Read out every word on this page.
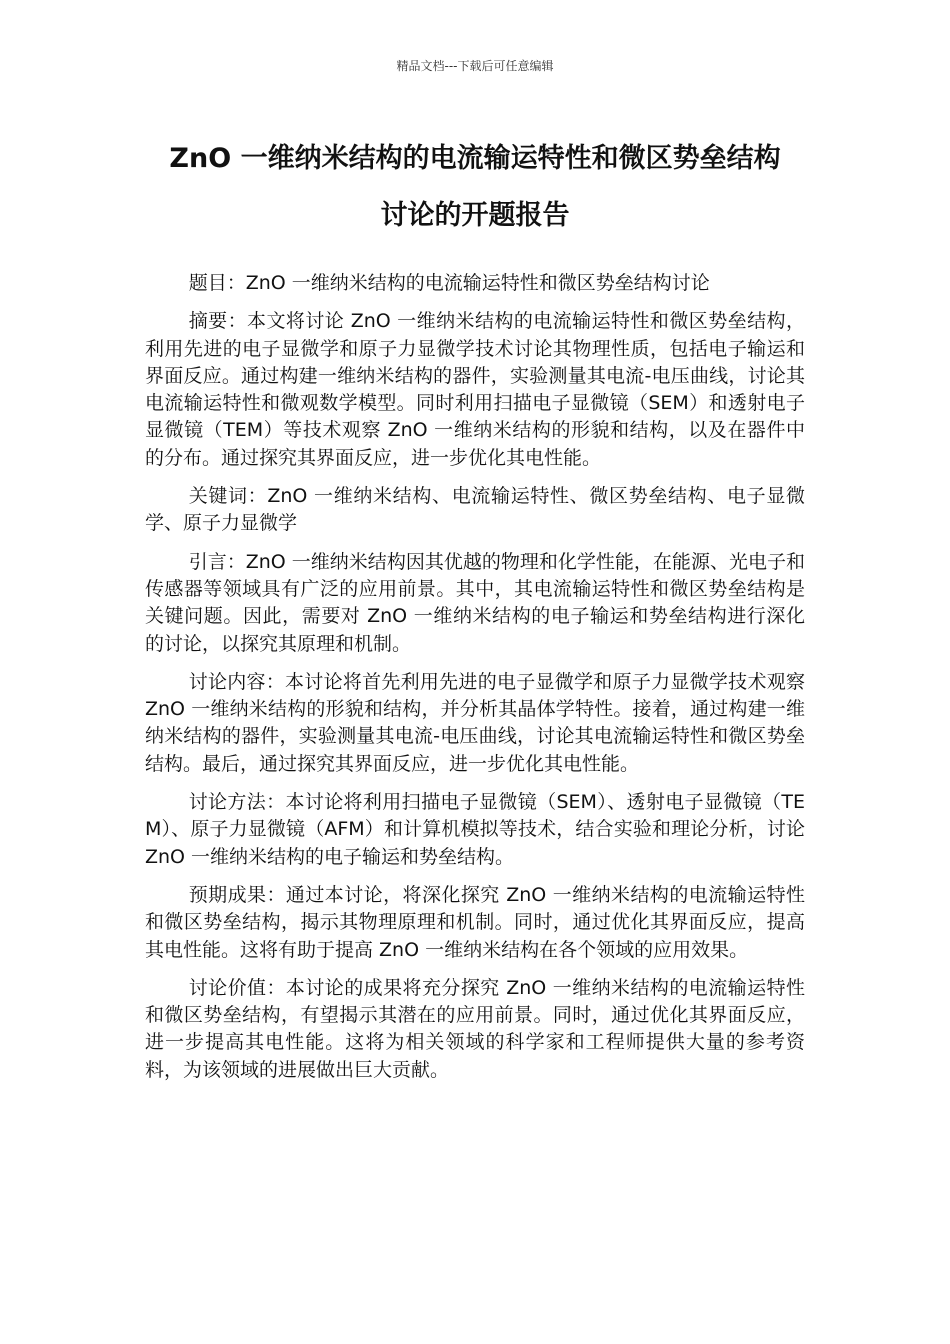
精品文档---下载后可任意编辑
ZnO 一维纳米结构的电流输运特性和微区势垒结构
讨论的开题报告

题目：ZnO 一维纳米结构的电流输运特性和微区势垒结构讨论

摘要：本文将讨论 ZnO 一维纳米结构的电流输运特性和微区势垒结构，利用先进的电子显微学和原子力显微学技术讨论其物理性质，包括电子输运和界面反应。通过构建一维纳米结构的器件，实验测量其电流-电压曲线，讨论其电流输运特性和微观数学模型。同时利用扫描电子显微镜（SEM）和透射电子显微镜（TEM）等技术观察 ZnO 一维纳米结构的形貌和结构，以及在器件中的分布。通过探究其界面反应，进一步优化其电性能。

关键词：ZnO 一维纳米结构、电流输运特性、微区势垒结构、电子显微学、原子力显微学

引言：ZnO 一维纳米结构因其优越的物理和化学性能，在能源、光电子和传感器等领域具有广泛的应用前景。其中，其电流输运特性和微区势垒结构是关键问题。因此，需要对 ZnO 一维纳米结构的电子输运和势垒结构进行深化的讨论，以探究其原理和机制。

讨论内容：本讨论将首先利用先进的电子显微学和原子力显微学技术观察 ZnO 一维纳米结构的形貌和结构，并分析其晶体学特性。接着，通过构建一维纳米结构的器件，实验测量其电流-电压曲线，讨论其电流输运特性和微区势垒结构。最后，通过探究其界面反应，进一步优化其电性能。

讨论方法：本讨论将利用扫描电子显微镜（SEM）、透射电子显微镜（TEM）、原子力显微镜（AFM）和计算机模拟等技术，结合实验和理论分析，讨论 ZnO 一维纳米结构的电子输运和势垒结构。

预期成果：通过本讨论，将深化探究 ZnO 一维纳米结构的电流输运特性和微区势垒结构，揭示其物理原理和机制。同时，通过优化其界面反应，提高其电性能。这将有助于提高 ZnO 一维纳米结构在各个领域的应用效果。

讨论价值：本讨论的成果将充分探究 ZnO 一维纳米结构的电流输运特性和微区势垒结构，有望揭示其潜在的应用前景。同时，通过优化其界面反应，进一步提高其电性能。这将为相关领域的科学家和工程师提供大量的参考资料，为该领域的进展做出巨大贡献。
